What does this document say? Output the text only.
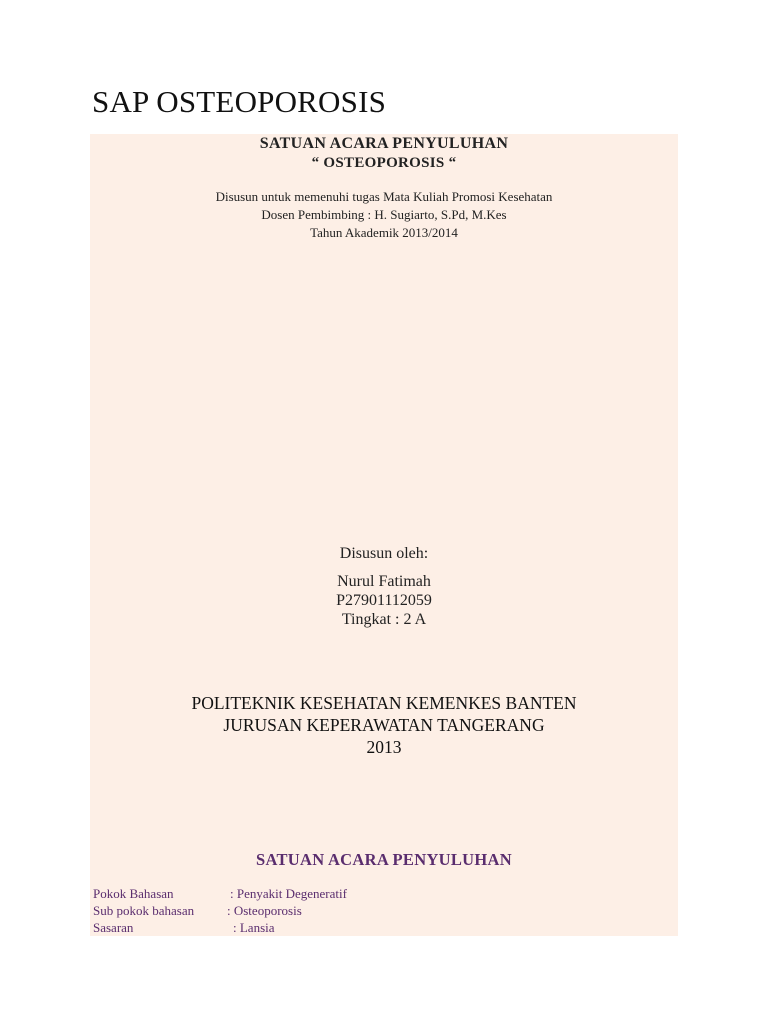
SAP OSTEOPOROSIS
SATUAN ACARA PENYULUHAN
“ OSTEOPOROSIS “
Disusun untuk memenuhi tugas Mata Kuliah Promosi Kesehatan
Dosen Pembimbing : H. Sugiarto, S.Pd, M.Kes
Tahun Akademik 2013/2014
Disusun oleh:
Nurul Fatimah
P27901112059
Tingkat : 2 A
POLITEKNIK KESEHATAN KEMENKES BANTEN
JURUSAN KEPERAWATAN TANGERANG
2013
SATUAN ACARA PENYULUHAN
Pokok Bahasan	: Penyakit Degeneratif
Sub pokok bahasan	: Osteoporosis
Sasaran	: Lansia
